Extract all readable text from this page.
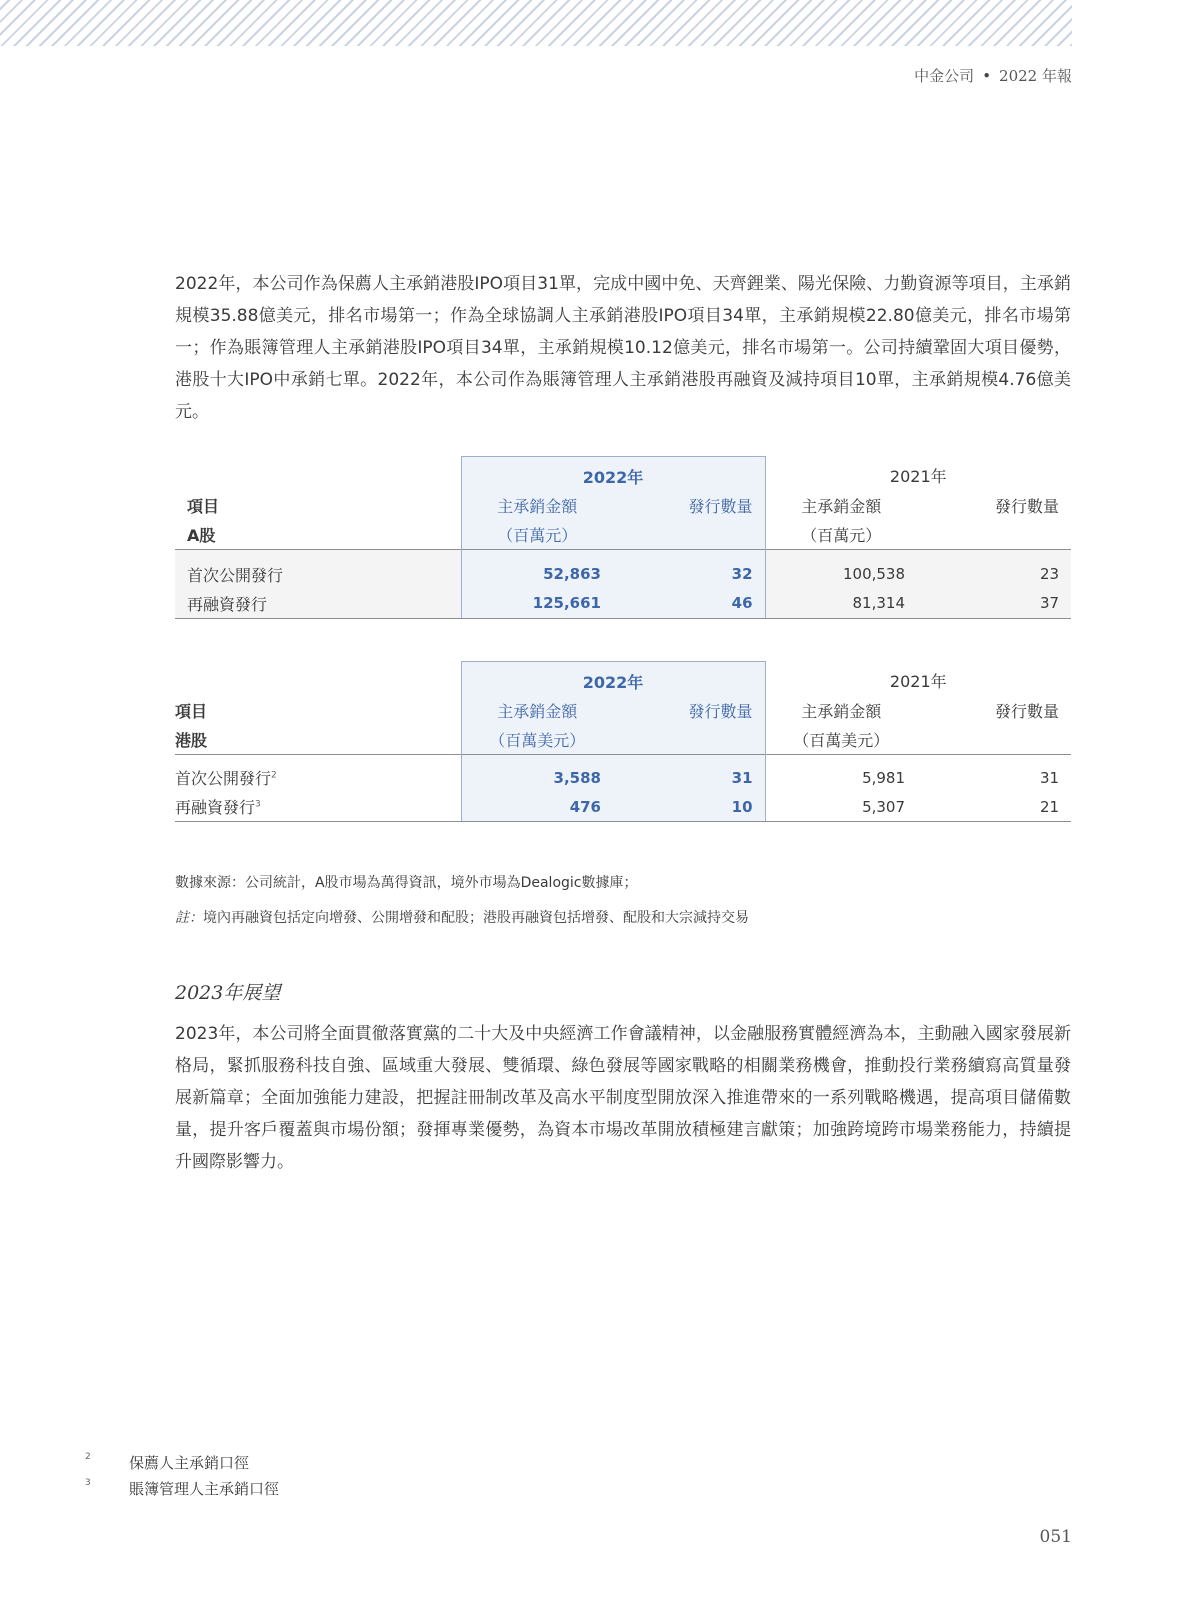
中金公司 • 2022 年報

2022年，本公司作為保薦人主承銷港股IPO項目31單，完成中國中免、天齊鋰業、陽光保險、力勤資源等項目，主承銷規模35.88億美元，排名市場第一；作為全球協調人主承銷港股IPO項目34單，主承銷規模22.80億美元，排名市場第一；作為賬簿管理人主承銷港股IPO項目34單，主承銷規模10.12億美元，排名市場第一。公司持續鞏固大項目優勢，港股十大IPO中承銷七單。2022年，本公司作為賬簿管理人主承銷港股再融資及減持項目10單，主承銷規模4.76億美元。

	2022年		2021年	
項目	主承銷金額	發行數量	主承銷金額	發行數量
A股	（百萬元）		（百萬元）	

首次公開發行	52,863	32	100,538	23
再融資發行	125,661	46	81,314	37
	2022年		2021年	
項目	主承銷金額	發行數量	主承銷金額	發行數量
港股	（百萬美元）		（百萬美元）	

首次公開發行$^2$	3,588	31	5,981	31
再融資發行$^3$	476	10	5,307	21

數據來源：公司統計，A股市場為萬得資訊，境外市場為Dealogic數據庫；

註：境內再融資包括定向增發、公開增發和配股；港股再融資包括增發、配股和大宗減持交易

2023年展望

2023年，本公司將全面貫徹落實黨的二十大及中央經濟工作會議精神，以金融服務實體經濟為本，主動融入國家發展新格局，緊抓服務科技自強、區域重大發展、雙循環、綠色發展等國家戰略的相關業務機會，推動投行業務續寫高質量發展新篇章；全面加強能力建設，把握註冊制改革及高水平制度型開放深入推進帶來的一系列戰略機遇，提高項目儲備數量，提升客戶覆蓋與市場份額；發揮專業優勢，為資本市場改革開放積極建言獻策；加強跨境跨市場業務能力，持續提升國際影響力。

2	保薦人主承銷口徑
3	賬簿管理人主承銷口徑
051
